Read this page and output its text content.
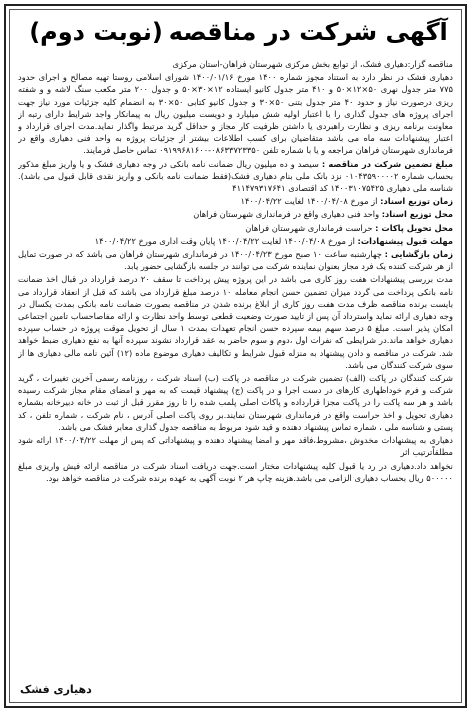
آگهی شرکت در مناقصه
(نوبت دوم)

مناقصه گزار:دهیاری فشک، از توابع بخش مرکزی شهرستان فراهان-استان مرکزی

دهیاری فشک در نظر دارد به استناد مجوز شماره ۱۴۰۰ مورخ ۱۴۰۰/۰۱/۱۶ شورای اسلامی روستا تهیه مصالح و اجرای حدود ۷۷۵ متر جدول نهری ۵۰×۱۲×۵۰ و ۴۱۰ متر جدول کانیو ایستاده ۱۲×۳۰×۵۰ و جدول ۲۰۰ متر مکعب سنگ لاشه و و شفته ریزی درصورت نیاز و حدود ۴۰ متر جدول بتنی ۵۰×۳۰ و جدول کانیو کتابی ۵۰×۳۰ به انضمام کلیه جزئیات مورد نیاز جهت اجرای پروژه های جدول گذاری را با اعتبار اولیه شش میلیارد و دویست میلیون ریال به پیمانکار واجد شرایط دارای رتبه از معاونت برنامه ریزی و نظارت راهبردی یا داشتن ظرفیت کار مجاز و حداقل گرید مرتبط واگذار نماید.مدت اجرای قرارداد و اعتبار پیشنهادات سه ماه می باشد متقاضیان برای کسب اطلاعات بیشتر از جزئیات پروژه به واحد فنی دهیاری واقع در فرمانداری شهرستان فراهان مراجعه و یا با شماره تلفن ۰۸۶۳۳۷۲۳۳۵۰-۰۹۱۹۹۶۸۱۶۰۰ تماس حاصل فرمایند.

مبلغ تضمین شرکت در مناقصه : سیصد و ده میلیون ریال ضمانت نامه بانکی در وجه دهیاری فشک و یا واریز مبلغ مذکور بحساب شماره ۰۱۰۴۳۵۹۰۰۰۰۲ نزد بانک ملی بنام دهیاری فشک(فقط ضمانت نامه بانکی و واریز نقدی قابل قبول می باشد). شناسه ملی دهیاری ۱۴۰۰۳۱۰۷۵۴۲۵ کد اقتصادی ۴۱۱۴۷۹۳۱۷۶۴۱

زمان توزیع اسناد: از مورخ ۱۴۰۰/۰۴/۰۸ لغایت ۱۴۰۰/۰۴/۲۲

محل توزیع اسناد: واحد فنی دهیاری واقع در فرمانداری شهرستان فراهان

محل تحویل پاکات : حراست فرمانداری شهرستان فراهان

مهلت قبول پیشنهادات: از مورخ ۱۴۰۰/۰۴/۰۸ لغایت ۱۴۰۰/۰۴/۲۲ پایان وقت اداری مورخ ۱۴۰۰/۰۴/۲۲

زمان بازگشایی : چهارشنبه ساعت ۱۰ صبح مورخ ۱۴۰۰/۰۴/۲۳ در فرمانداری شهرستان فراهان می باشد که در صورت تمایل از هر شرکت کننده یک فرد مجاز بعنوان نماینده شرکت می توانند در جلسه بازگشایی حضور یابد.

مدت بررسی پیشنهادات هفت روز کاری می باشد در این پروژه پیش پرداخت تا سقف ۲۰ درصد قرارداد در قبال اخذ ضمانت نامه بانکی پرداخت می گردد میزان تضمین حسن انجام معامله ۱۰ درصد مبلغ قرارداد می باشد که قبل از انعقاد قرارداد می بایست برنده مناقصه ظرف مدت هفت روز کاری از ابلاغ برنده شدن در مناقصه بصورت ضمانت نامه بانکی بمدت یکسال در وجه دهیاری ارائه نماید واسترداد آن پس از تایید صورت وضعیت قطعی توسط واحد نظارت و ارائه مفاصاحساب تامین اجتماعی امکان پذیر است. مبلغ ۵ درصد سهم بیمه سپرده حسن انجام تعهدات بمدت ۱ سال از تحویل موقت پروژه در حساب سپرده دهیاری خواهد ماند.در شرایطی که نفرات اول ،دوم و سوم حاضر به عقد قرارداد نشوند سپرده آنها به نفع دهیاری ضبط خواهد شد. شرکت در مناقصه و دادن پیشنهاد به منزله قبول شرایط و تکالیف دهیاری موضوع ماده (۱۲) آئین نامه مالی دهیاری ها از سوی شرکت کنندگان می باشد.

شرکت کنندگان در پاکت (الف) تضمین شرکت در مناقصه در پاکت (ب) اسناد شرکت ، روزنامه رسمی آخرین تغییرات ، گرید شرکت و فرم خوداظهاری کارهای در دست اجرا و در پاکت (ج) پیشنهاد قیمت که به مهر و امضای مقام مجاز شرکت رسیده باشد و هر سه پاکت را در پاکت مجزا قرارداده و پاکات اصلی پلمب شده را تا روز مقرر قبل از ثبت در خانه دبیرخانه بشماره دهیاری تحویل و اخذ حراست واقع در فرمانداری شهرستان نمایند.بر روی پاکت اصلی آدرس ، نام شرکت ، شماره تلفن ، کد پستی و شناسه ملی ، شماره تماس پیشنهاد دهنده و قید شود مربوط به مناقصه جدول گذاری معابر فشک می باشد.

دهیاری به پیشنهادات مخدوش ،مشروط،فاقد مهر و امضا پیشنهاد دهنده و پیشنهاداتی که پس از مهلت ۱۴۰۰/۰۴/۲۲ ارائه شود مطلقاًترتیب اثر

نخواهد داد.دهیاری در رد یا قبول کلیه پیشنهادات مختار است.جهت دریافت اسناد شرکت در مناقصه ارائه فیش واریزی مبلغ ۵۰۰۰۰۰ ریال بحساب دهیاری الزامی می باشد.هزینه چاپ هر ۲ نوبت آگهی به عهده برنده شرکت در مناقصه خواهد بود.

دهیاری فشک
